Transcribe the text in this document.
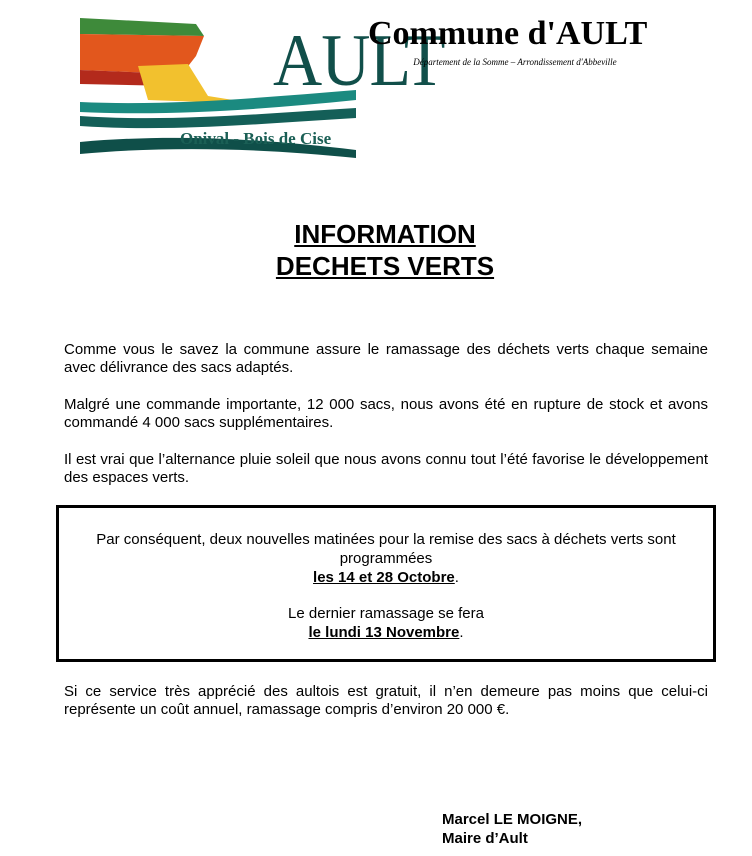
AULT
Onival - Bois de Cise
Commune d'AULT
Département de la Somme – Arrondissement d'Abbeville
INFORMATION
DECHETS VERTS
Comme vous le savez la commune assure le ramassage des déchets verts chaque semaine avec délivrance des sacs adaptés.
Malgré une commande importante, 12 000 sacs, nous avons été en rupture de stock et avons commandé 4 000 sacs supplémentaires.
Il est vrai que l’alternance pluie soleil que nous avons connu tout l’été favorise le développement des espaces verts.
Par conséquent, deux nouvelles matinées pour la remise des sacs à déchets verts sont programmées
les 14 et 28 Octobre.
Le dernier ramassage se fera
le lundi 13 Novembre.
Si ce service très apprécié des aultois est gratuit, il n’en demeure pas moins que celui-ci représente un coût annuel, ramassage compris d’environ 20 000 €.
Marcel LE MOIGNE,
Maire d’Ault
